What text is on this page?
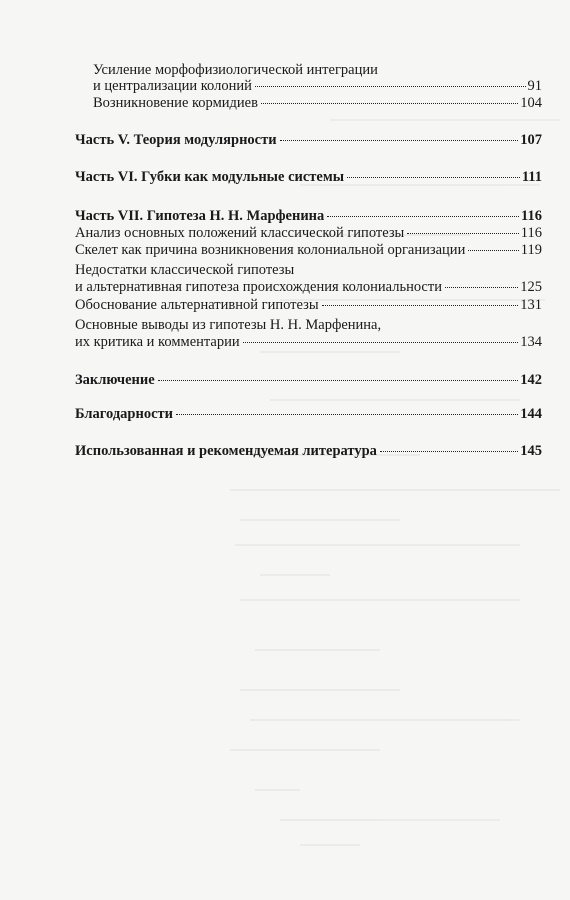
Усиление морфофизиологической интеграции
и централизации колоний	91
Возникновение кормидиев	104
Часть V. Теория модулярности	107
Часть VI. Губки как модульные системы	111
Часть VII. Гипотеза Н. Н. Марфенина	116
Анализ основных положений классической гипотезы	116
Скелет как причина возникновения колониальной организации	119
Недостатки классической гипотезы
и альтернативная гипотеза происхождения колониальности	125
Обоснование альтернативной гипотезы	131
Основные выводы из гипотезы Н. Н. Марфенина,
их критика и комментарии	134
Заключение	142
Благодарности	144
Использованная и рекомендуемая литература	145
